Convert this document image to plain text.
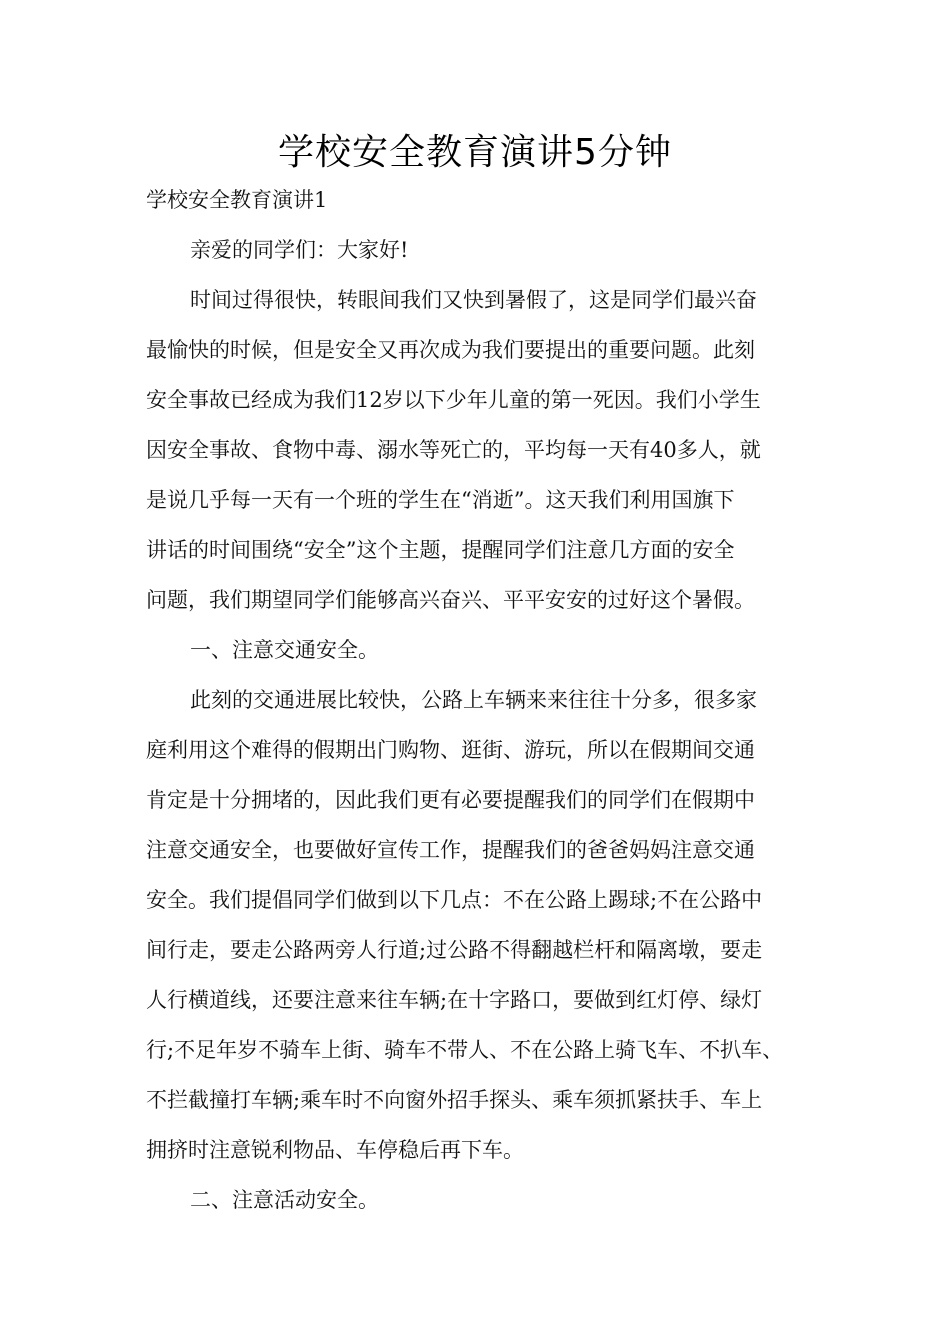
学校安全教育演讲5分钟
学校安全教育演讲1
亲爱的同学们：大家好!
时间过得很快，转眼间我们又快到暑假了，这是同学们最兴奋
最愉快的时候，但是安全又再次成为我们要提出的重要问题。此刻
安全事故已经成为我们12岁以下少年儿童的第一死因。我们小学生
因安全事故、食物中毒、溺水等死亡的，平均每一天有40多人，就
是说几乎每一天有一个班的学生在“消逝”。这天我们利用国旗下
讲话的时间围绕“安全”这个主题，提醒同学们注意几方面的安全
问题，我们期望同学们能够高兴奋兴、平平安安的过好这个暑假。
一、注意交通安全。
此刻的交通进展比较快，公路上车辆来来往往十分多，很多家
庭利用这个难得的假期出门购物、逛街、游玩，所以在假期间交通
肯定是十分拥堵的，因此我们更有必要提醒我们的同学们在假期中
注意交通安全，也要做好宣传工作，提醒我们的爸爸妈妈注意交通
安全。我们提倡同学们做到以下几点：不在公路上踢球;不在公路中
间行走，要走公路两旁人行道;过公路不得翻越栏杆和隔离墩，要走
人行横道线，还要注意来往车辆;在十字路口，要做到红灯停、绿灯
行;不足年岁不骑车上街、骑车不带人、不在公路上骑飞车、不扒车、
不拦截撞打车辆;乘车时不向窗外招手探头、乘车须抓紧扶手、车上
拥挤时注意锐利物品、车停稳后再下车。
二、注意活动安全。
